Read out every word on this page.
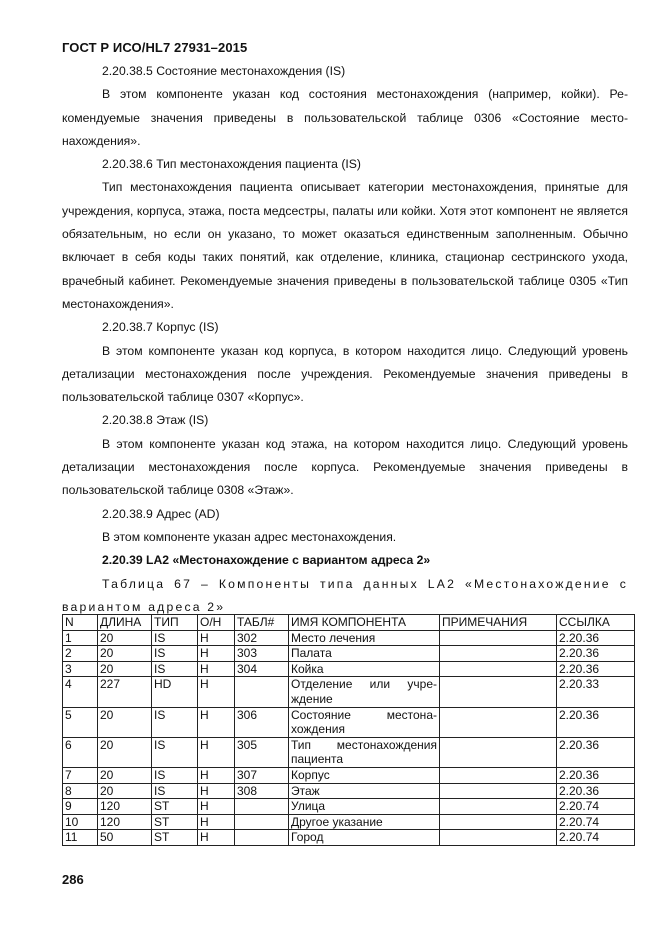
ГОСТ Р ИСО/HL7 27931–2015

2.20.38.5 Состояние местонахождения (IS)

В этом компоненте указан код состояния местонахождения (например, койки). Рекомендуемые значения приведены в пользовательской таблице 0306 «Состояние местонахождения».

2.20.38.6 Тип местонахождения пациента (IS)

Тип местонахождения пациента описывает категории местонахождения, принятые для учреждения, корпуса, этажа, поста медсестры, палаты или койки. Хотя этот компонент не является обязательным, но если он указано, то может оказаться единственным заполненным. Обычно включает в себя коды таких понятий, как отделение, клиника, стационар сестринского ухода, врачебный кабинет. Рекомендуемые значения приведены в пользовательской таблице 0305 «Тип местонахождения».

2.20.38.7 Корпус (IS)

В этом компоненте указан код корпуса, в котором находится лицо. Следующий уровень детализации местонахождения после учреждения. Рекомендуемые значения приведены в пользовательской таблице 0307 «Корпус».

2.20.38.8 Этаж (IS)

В этом компоненте указан код этажа, на котором находится лицо. Следующий уровень детализации местонахождения после корпуса. Рекомендуемые значения приведены в пользовательской таблице 0308 «Этаж».

2.20.38.9 Адрес (AD)

В этом компоненте указан адрес местонахождения.

2.20.39 LA2 «Местонахождение с вариантом адреса 2»

Таблица 67 – Компоненты типа данных LA2 «Местонахождение с вариантом адреса 2»

N	ДЛИНА	ТИП	О/Н	ТАБЛ#	ИМЯ КОМПОНЕНТА	ПРИМЕЧАНИЯ	ССЫЛКА
1	20	IS	H	302	Место лечения		2.20.36
2	20	IS	H	303	Палата		2.20.36
3	20	IS	H	304	Койка		2.20.36
4	227	HD	H		Отделение или учреждение		2.20.33
5	20	IS	H	306	Состояние местонахождения		2.20.36
6	20	IS	H	305	Тип местонахождения пациента		2.20.36
7	20	IS	H	307	Корпус		2.20.36
8	20	IS	H	308	Этаж		2.20.36
9	120	ST	H		Улица		2.20.74
10	120	ST	H		Другое указание		2.20.74
11	50	ST	H		Город		2.20.74
286
